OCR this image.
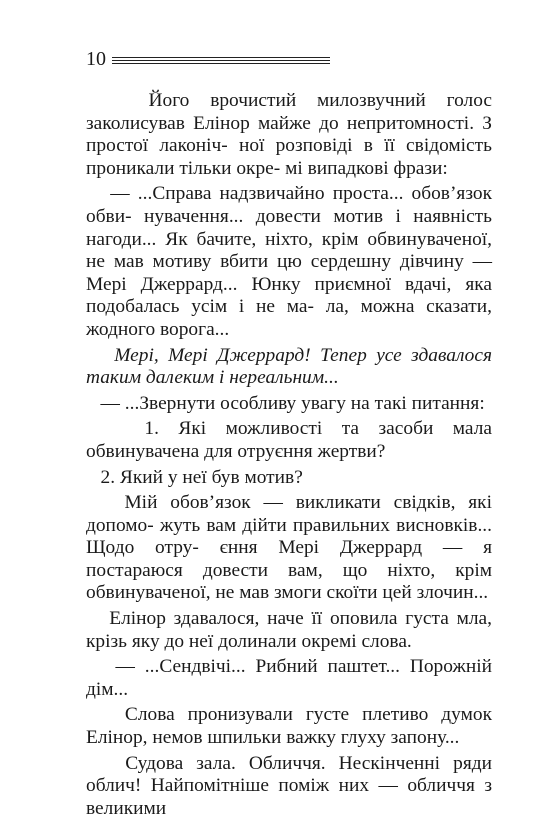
10

Його врочистий милозвучний голос заколисував Елінор майже до непритомності. З простої лаконіч- ної розповіді в її свідомість проникали тільки окре- мі випадкові фрази:

— ...Справа надзвичайно проста... обов’язок обви- нувачення... довести мотив і наявність нагоди... Як бачите, ніхто, крім обвинуваченої, не мав мотиву вбити цю сердешну дівчину — Мері Джеррард... Юнку приємної вдачі, яка подобалась усім і не ма- ла, можна сказати, жодного ворога...

Мері, Мері Джеррард! Тепер усе здавалося таким далеким і нереальним...

— ...Звернути особливу увагу на такі питання:

1. Які можливості та засоби мала обвинувачена для отруєння жертви?

2. Який у неї був мотив?

Мій обов’язок — викликати свідків, які допомо- жуть вам дійти правильних висновків... Щодо отру- єння Мері Джеррард — я постараюся довести вам, що ніхто, крім обвинуваченої, не мав змоги скоїти цей злочин...

Елінор здавалося, наче її оповила густа мла, крізь яку до неї долинали окремі слова.

— ...Сендвічі... Рибний паштет... Порожній дім...

Слова пронизували густе плетиво думок Елінор, немов шпильки важку глуху запону...

Судова зала. Обличчя. Нескінченні ряди облич! Найпомітніше поміж них — обличчя з великими
